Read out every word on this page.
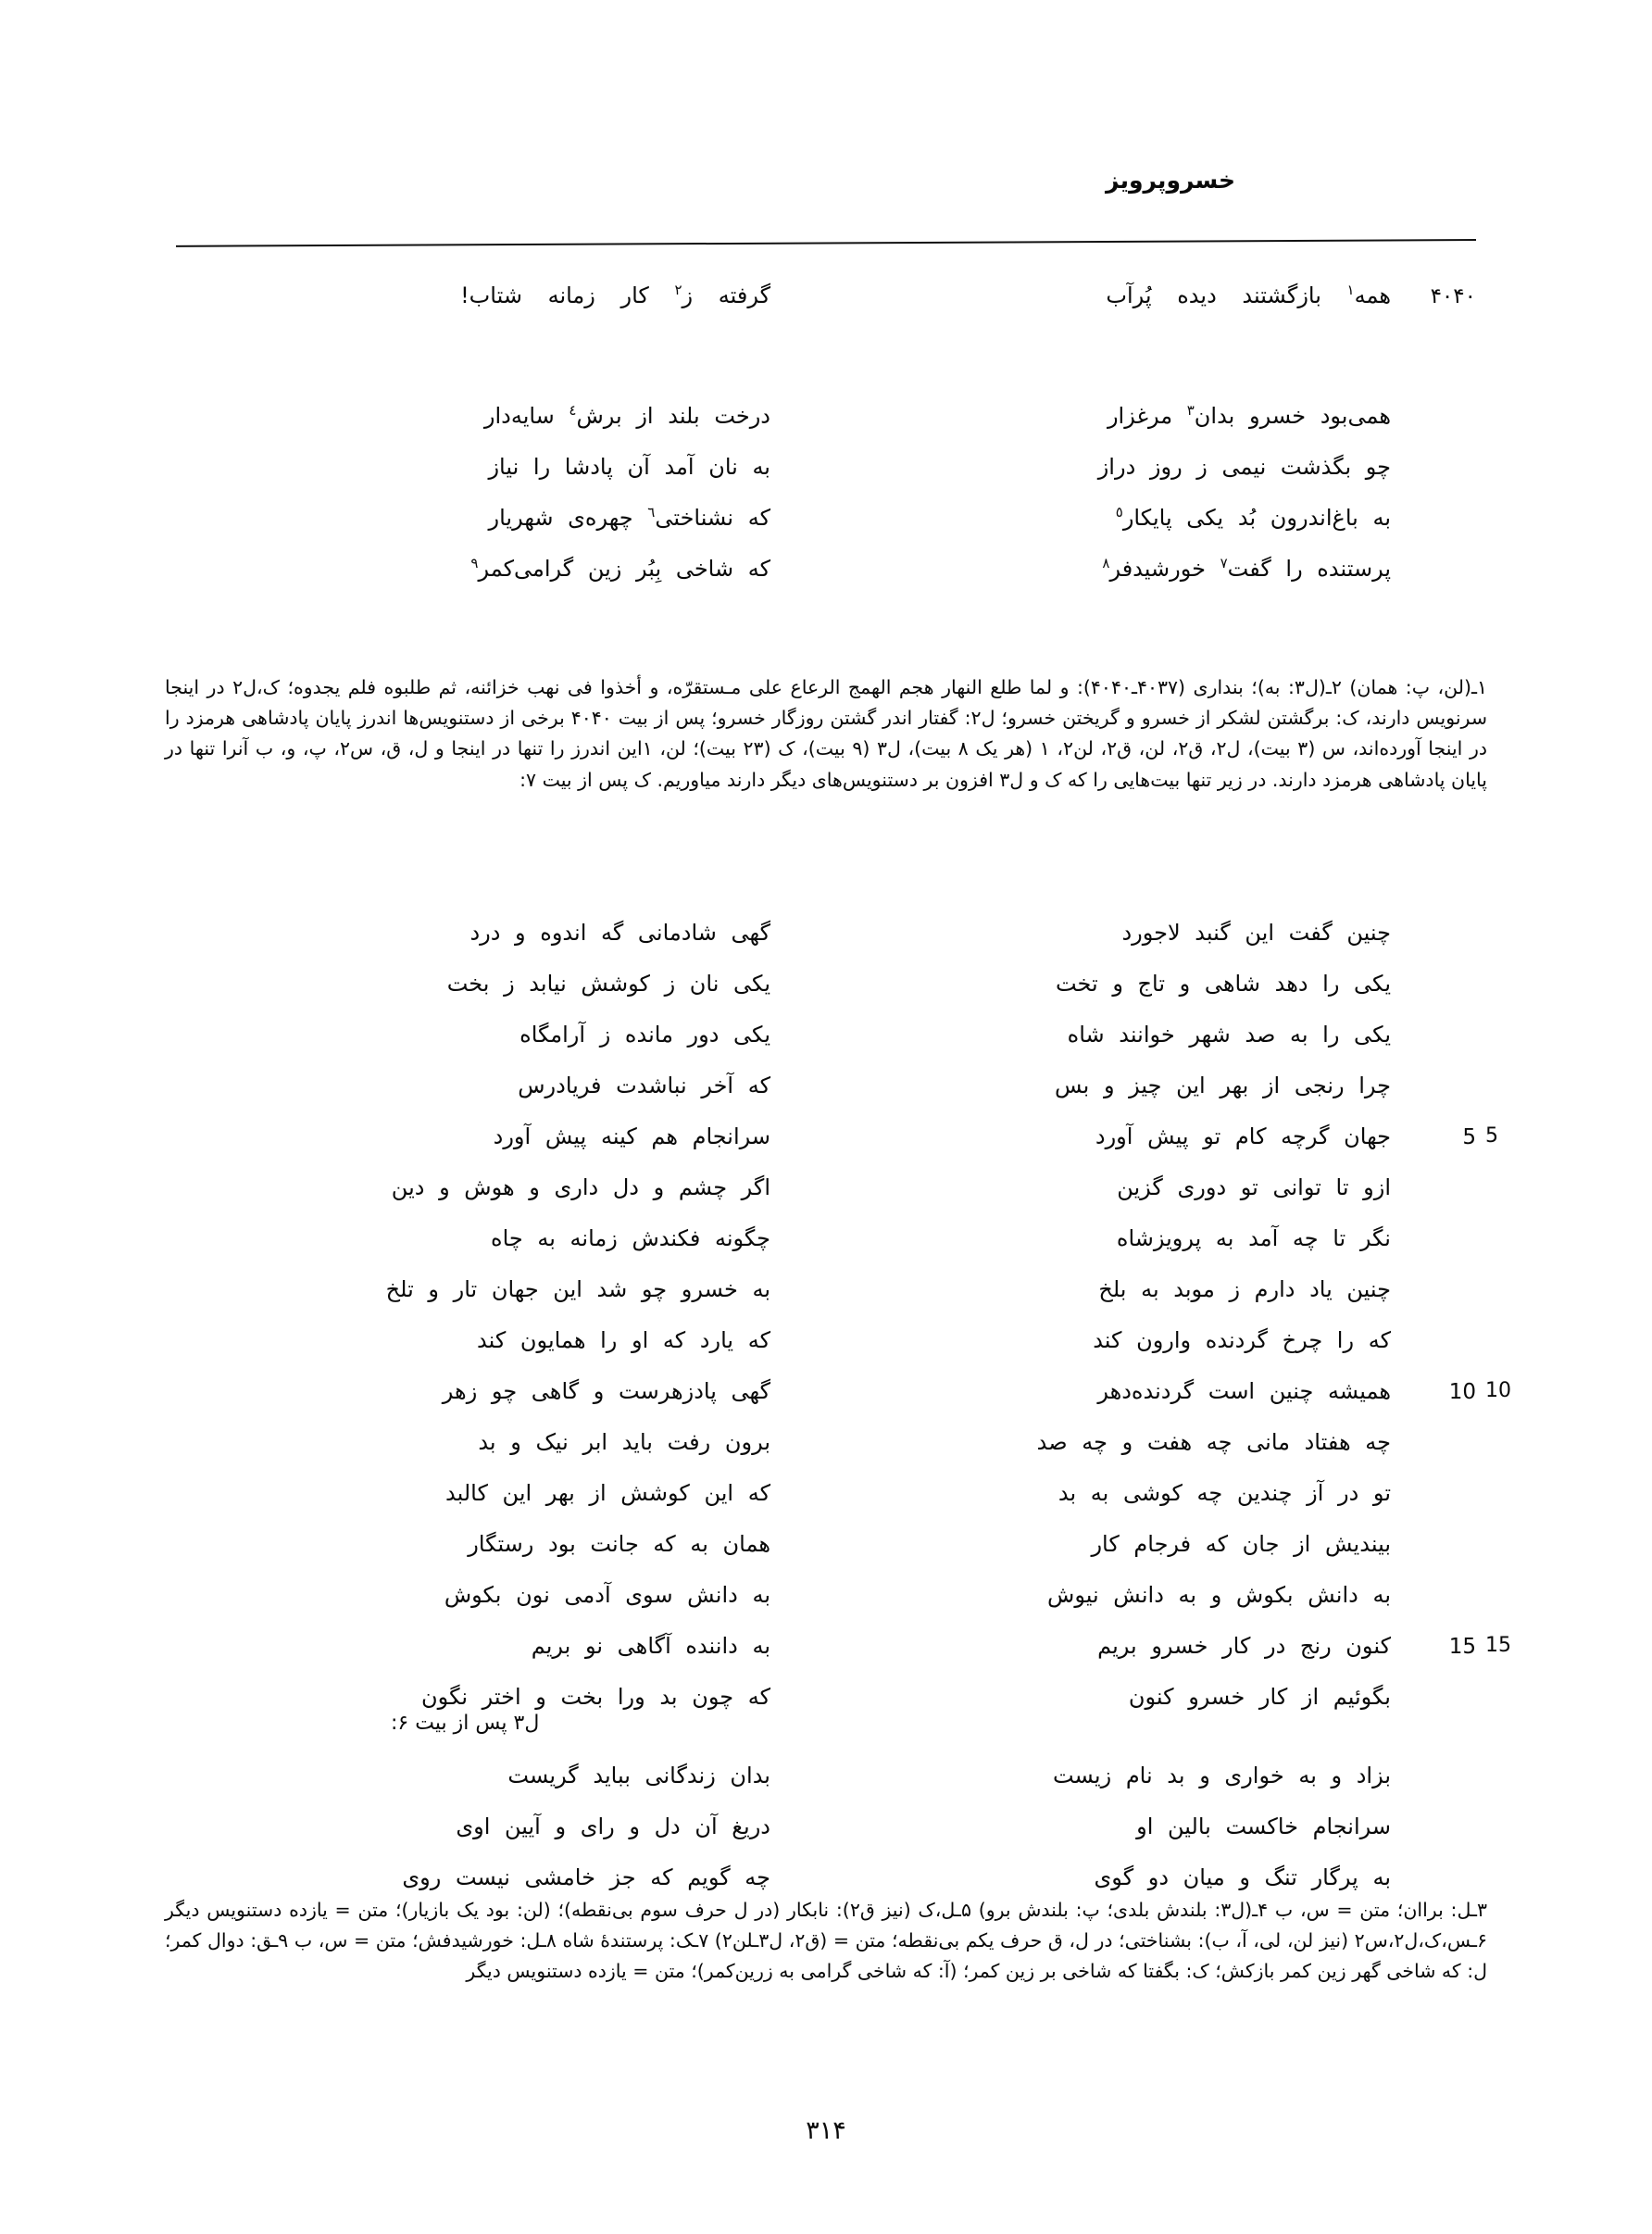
خسروپرویز
۴۰۴۰
همه$^١$ بازگشتند دیده پُرآب
گرفته ز$^٢$ کار زمانه شتاب!
همی‌بود خسرو بدان$^٣$ مرغزار
درخت بلند از برش$^٤$ سایه‌دار
چو بگذشت نیمی ز روز دراز
به نان آمد آن پادشا را نیاز
به باغ‌اندرون بُد یکی پایکار$^٥$
که نشناختی$^٦$ چهره‌ی شهریار
پرستنده را گفت$^٧$ خورشیدفر$^٨$
که شاخی بِبُر زین گرامی‌کمر$^٩$

١ـ(لن، پ: همان) ٢ـ(ل٣: به)؛ بنداری (۴۰۳۷ـ۴۰۴۰): و لما طلع النهار هجم الهمج الرعاع علی مـستقرّه، و أخذوا فی نهب خزائنه، ثم طلبوه فلم یجدوه؛ ک،ل٢ در اینجا سرنویس دارند، ک: برگشتن لشکر از خسرو و گریختن خسرو؛ ل٢: گفتار اندر گشتن روزگار خسرو؛ پس از بیت ۴۰۴۰ برخی از دستنویس‌ها اندرز پایان پادشاهی هرمزد را در اینجا آورده‌اند، س (٣ بیت)، ل٢، ق٢، لن، ق٢، لن٢، ١ (هر یک ٨ بیت)، ل٣ (٩ بیت)، ک (٢٣ بیت)؛ لن، ١این اندرز را تنها در اینجا و ل، ق، س٢، پ، و، ب آنرا تنها در پایان پادشاهی هرمزد دارند. در زیر تنها بیت‌هایی را که ک و ل٣ افزون بر دستنویس‌های دیگر دارند میاوریم. ک پس از بیت ٧:

چنین گفت این گنبد لاجورد
گهی شادمانی گه اندوه و درد
یکی را دهد شاهی و تاج و تخت
یکی نان ز کوشش نیابد ز بخت
یکی را به صد شهر خوانند شاه
یکی دور مانده ز آرامگاه
چرا رنجی از بهر این چیز و بس
که آخر نباشدت فریادرس
5
5
جهان گرچه کام تو پیش آورد
سرانجام هم کینه پیش آورد
ازو تا توانی تو دوری گزین
اگر چشم و دل داری و هوش و دین
نگر تا چه آمد به پرویزشاه
چگونه فکندش زمانه به چاه
چنین یاد دارم ز موبد به بلخ
به خسرو چو شد این جهان تار و تلخ
که را چرخ گردنده وارون کند
که یارد که او را همایون کند
10
10
همیشه چنین است گردنده‌دهر
گهی پادزهرست و گاهی چو زهر
چه هفتاد مانی چه هفت و چه صد
برون رفت باید ابر نیک و بد
تو در آز چندین چه کوشی به بد
که این کوشش از بهر این کالبد
بیندیش از جان که فرجام کار
همان به که جانت بود رستگار
به دانش بکوش و به دانش نیوش
به دانش سوی آدمی نون بکوش
15
15
کنون رنج در کار خسرو بریم
به داننده آگاهی نو بریم
بگوئیم از کار خسرو کنون
که چون بد ورا بخت و اختر نگون
ل٣ پس از بیت ۶:
بزاد و به خواری و بد نام زیست
بدان زندگانی بباید گریست
سرانجام خاکست بالین او
دریغ آن دل و رای و آیین اوی
به پرگار تنگ و میان دو گوی
چه گویم که جز خامشی نیست روی

٣ـل: براان؛ متن = س، ب ۴ـ(ل٣: بلندش بلدی؛ پ: بلندش برو) ۵ـل،ک (نیز ق٢): نابکار (در ل حرف سوم بی‌نقطه)؛ (لن: بود یک بازیار)؛ متن = یازده دستنویس دیگر ۶ـس،ک،ل٢،س٢ (نیز لن، لی، آ، ب): بشناختی؛ در ل، ق حرف یکم بی‌نقطه؛ متن = (ق٢، ل٣ـلن٢) ٧ـک: پرستندهٔ شاه ٨ـل: خورشیدفش؛ متن = س، ب ٩ـق: دوال کمر؛ ل: که شاخی گهر زین کمر بازکش؛ ک: بگفتا که شاخی بر زین کمر؛ (آ: که شاخی گرامی به زرین‌کمر)؛ متن = یازده دستنویس دیگر

۳۱۴
